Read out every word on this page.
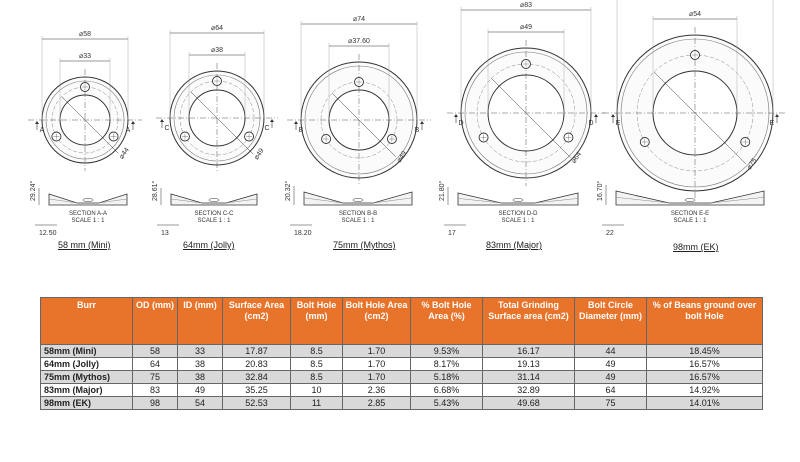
⌀58
⌀33
⌀44
A	A
SECTION A-A
SCALE 1 : 1
29.24°
12.50
⌀64
⌀38
⌀49
C	C
SECTION C-C
SCALE 1 : 1
28.61°
13
⌀74
⌀37.60
⌀49
B	B
SECTION B-B
SCALE 1 : 1
20.32°
18.20
⌀83
⌀49
⌀64
D	D
SECTION D-D
SCALE 1 : 1
21.80°
17
⌀54
⌀75
E	E
SECTION E-E
SCALE 1 : 1
16.70°
22
58 mm (Mini)	64mm (Jolly)	75mm (Mythos)	83mm (Major)	98mm (EK)
Burr	OD (mm)	ID (mm)	Surface Area (cm2)	Bolt Hole (mm)	Bolt Hole Area (cm2)	% Bolt Hole Area (%)	Total Grinding Surface area (cm2)	Bolt Circle Diameter (mm)	% of Beans ground over bolt Hole
58mm (Mini)	58	33	17.87	8.5	1.70	9.53%	16.17	44	18.45%
64mm (Jolly)	64	38	20.83	8.5	1.70	8.17%	19.13	49	16.57%
75mm (Mythos)	75	38	32.84	8.5	1.70	5.18%	31.14	49	16.57%
83mm (Major)	83	49	35.25	10	2.36	6.68%	32.89	64	14.92%
98mm (EK)	98	54	52.53	11	2.85	5.43%	49.68	75	14.01%
